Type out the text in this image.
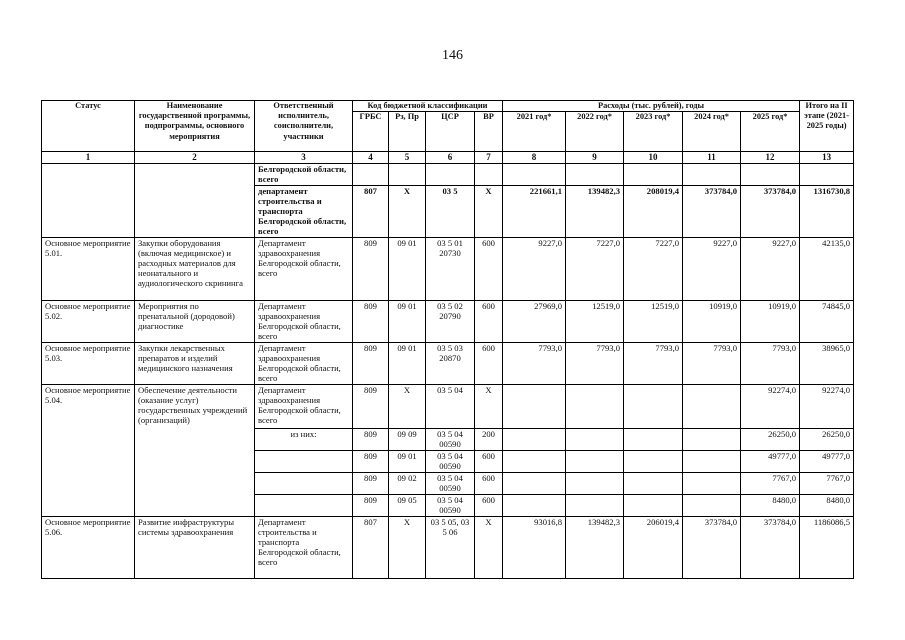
146
Статус	Наименование государственной программы, подпрограммы, основного мероприятия	Ответственный исполнитель, соисполнители, участники	Код бюджетной классификации				Расходы (тыс. рублей), годы					Итого на II этапе (2021-2025 годы)
			ГРБС	Рз, Пр	ЦСР	ВР	2021 год*	2022 год*	2023 год*	2024 год*	2025 год*	
1	2	3	4	5	6	7	8	9	10	11	12	13
		Белгородской области, всего										
		департамент строительства и транспорта Белгородской области, всего	807	Х	03 5	Х	221661,1	139482,3	208019,4	373784,0	373784,0	1316730,8
Основное мероприятие 5.01.	Закупки оборудования (включая медицинское) и расходных материалов для неонатального и аудиологического скрининга	Департамент здравоохранения Белгородской области, всего	809	09 01	03 5 01 20730	600	9227,0	7227,0	7227,0	9227,0	9227,0	42135,0
Основное мероприятие 5.02.	Мероприятия по пренатальной (дородовой) диагностике	Департамент здравоохранения Белгородской области, всего	809	09 01	03 5 02 20790	600	27969,0	12519,0	12519,0	10919,0	10919,0	74845,0
Основное мероприятие 5.03.	Закупки лекарственных препаратов и изделий медицинского назначения	Департамент здравоохранения Белгородской области, всего	809	09 01	03 5 03 20870	600	7793,0	7793,0	7793,0	7793,0	7793,0	38965,0
Основное мероприятие 5.04.	Обеспечение деятельности (оказание услуг) государственных учреждений (организаций)	Департамент здравоохранения Белгородской области, всего	809	Х	03 5 04	Х					92274,0	92274,0
		из них:	809	09 09	03 5 04 00590	200					26250,0	26250,0
			809	09 01	03 5 04 00590	600					49777,0	49777,0
			809	09 02	03 5 04 00590	600					7767,0	7767,0
			809	09 05	03 5 04 00590	600					8480,0	8480,0
Основное мероприятие 5.06.	Развитие инфраструктуры системы здравоохранения	Департамент строительства и транспорта Белгородской области, всего	807	Х	03 5 05, 03 5 06	Х	93016,8	139482,3	206019,4	373784,0	373784,0	1186086,5
